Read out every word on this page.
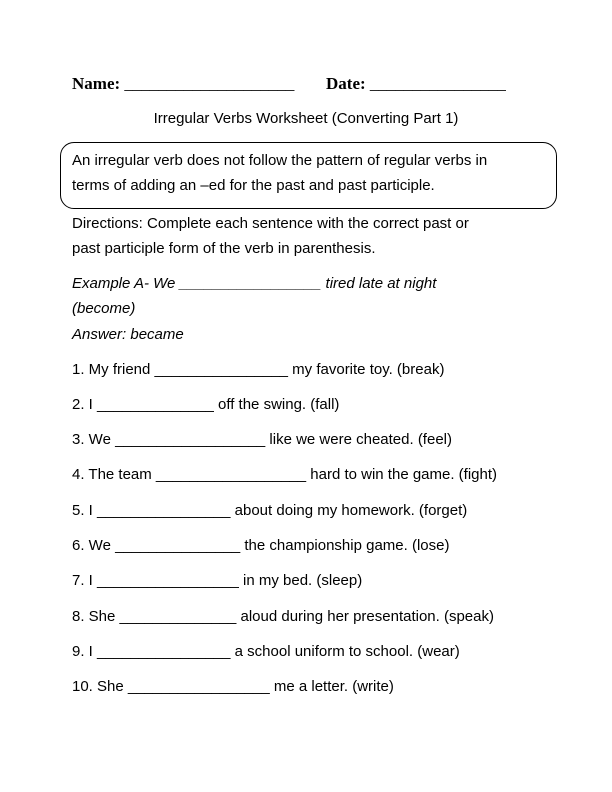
Name: ____________________ Date: ________________
Irregular Verbs Worksheet (Converting Part 1)
An irregular verb does not follow the pattern of regular verbs in
terms of adding an –ed for the past and past participle.
Directions: Complete each sentence with the correct past or
past participle form of the verb in parenthesis.
Example A- We _________________ tired late at night
(become)
Answer: became
1. My friend ________________ my favorite toy. (break)
2. I ______________ off the swing. (fall)
3. We __________________ like we were cheated. (feel)
4. The team __________________ hard to win the game. (fight)
5. I ________________ about doing my homework. (forget)
6. We _______________ the championship game. (lose)
7. I _________________ in my bed. (sleep)
8. She ______________ aloud during her presentation. (speak)
9. I ________________ a school uniform to school. (wear)
10. She _________________ me a letter. (write)
